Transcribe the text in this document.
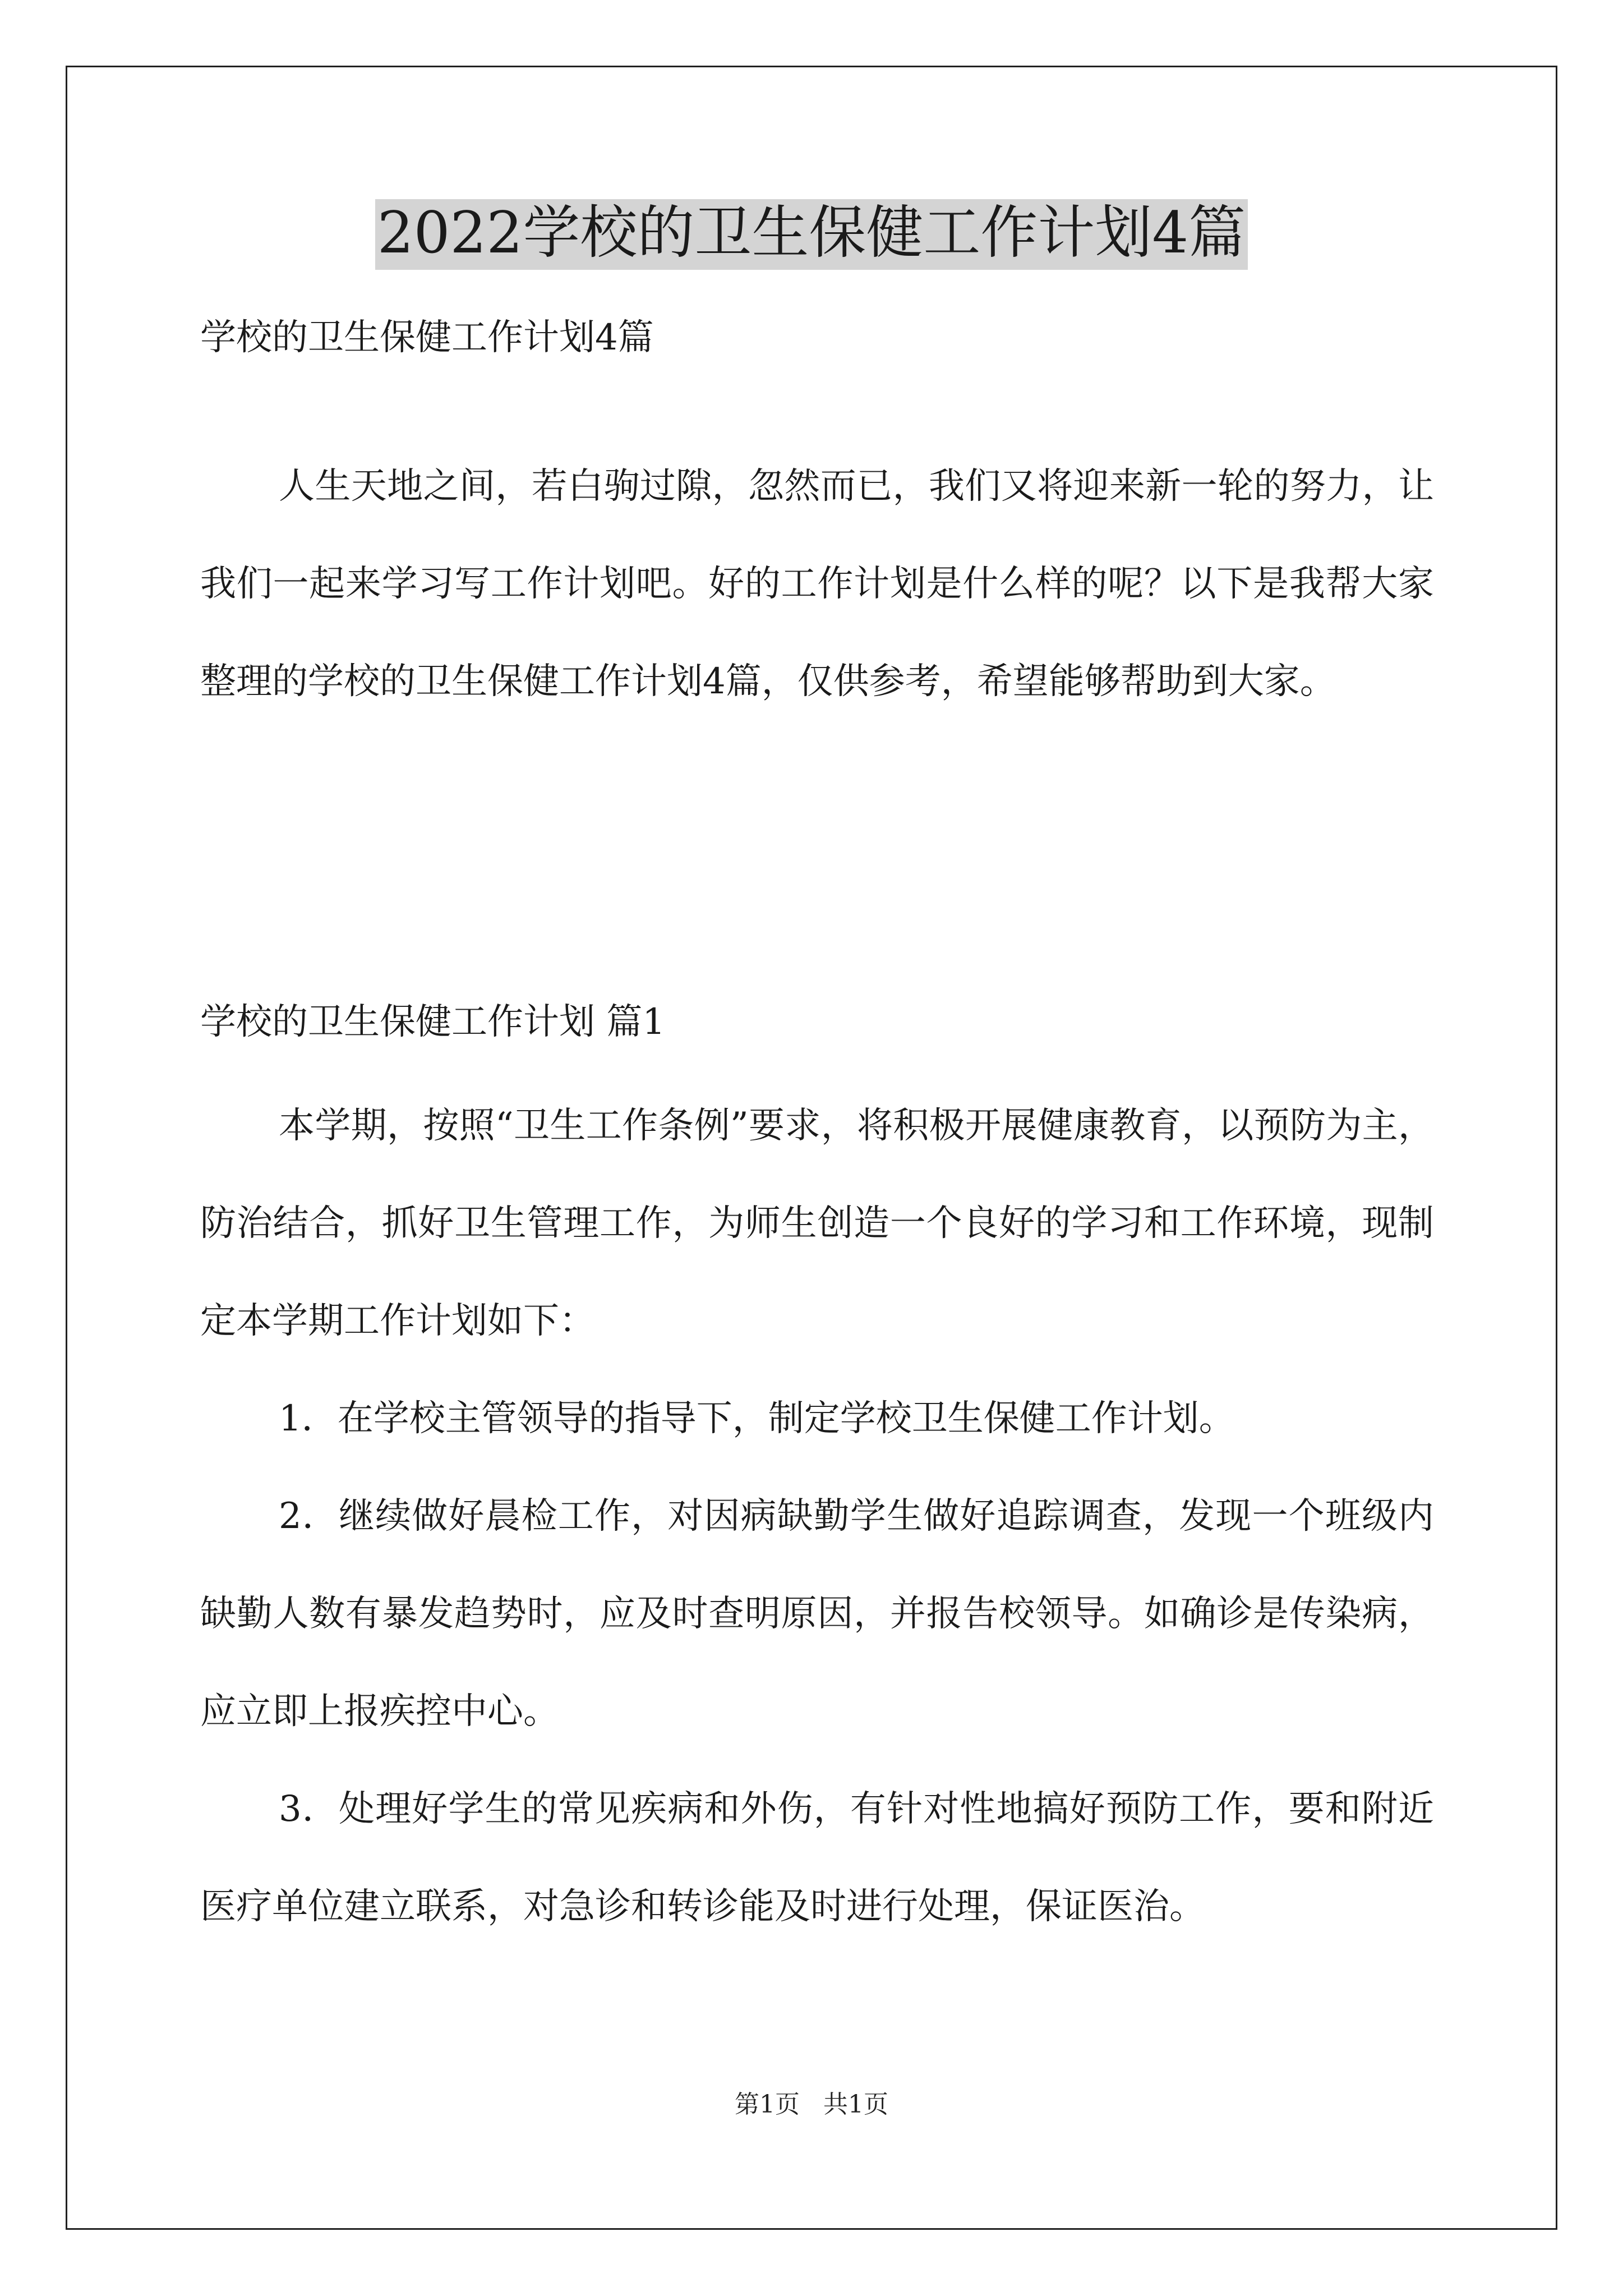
2022学校的卫生保健工作计划4篇

学校的卫生保健工作计划4篇

人生天地之间，若白驹过隙，忽然而已，我们又将迎来新一轮的努力，让我们一起来学习写工作计划吧。好的工作计划是什么样的呢？以下是我帮大家整理的学校的卫生保健工作计划4篇，仅供参考，希望能够帮助到大家。

学校的卫生保健工作计划 篇1

本学期，按照“卫生工作条例”要求，将积极开展健康教育，以预防为主，防治结合，抓好卫生管理工作，为师生创造一个良好的学习和工作环境，现制定本学期工作计划如下：

1．在学校主管领导的指导下，制定学校卫生保健工作计划。

2．继续做好晨检工作，对因病缺勤学生做好追踪调查，发现一个班级内缺勤人数有暴发趋势时，应及时查明原因，并报告校领导。如确诊是传染病，应立即上报疾控中心。

3．处理好学生的常见疾病和外伤，有针对性地搞好预防工作，要和附近医疗单位建立联系，对急诊和转诊能及时进行处理，保证医治。

第1页 共1页
